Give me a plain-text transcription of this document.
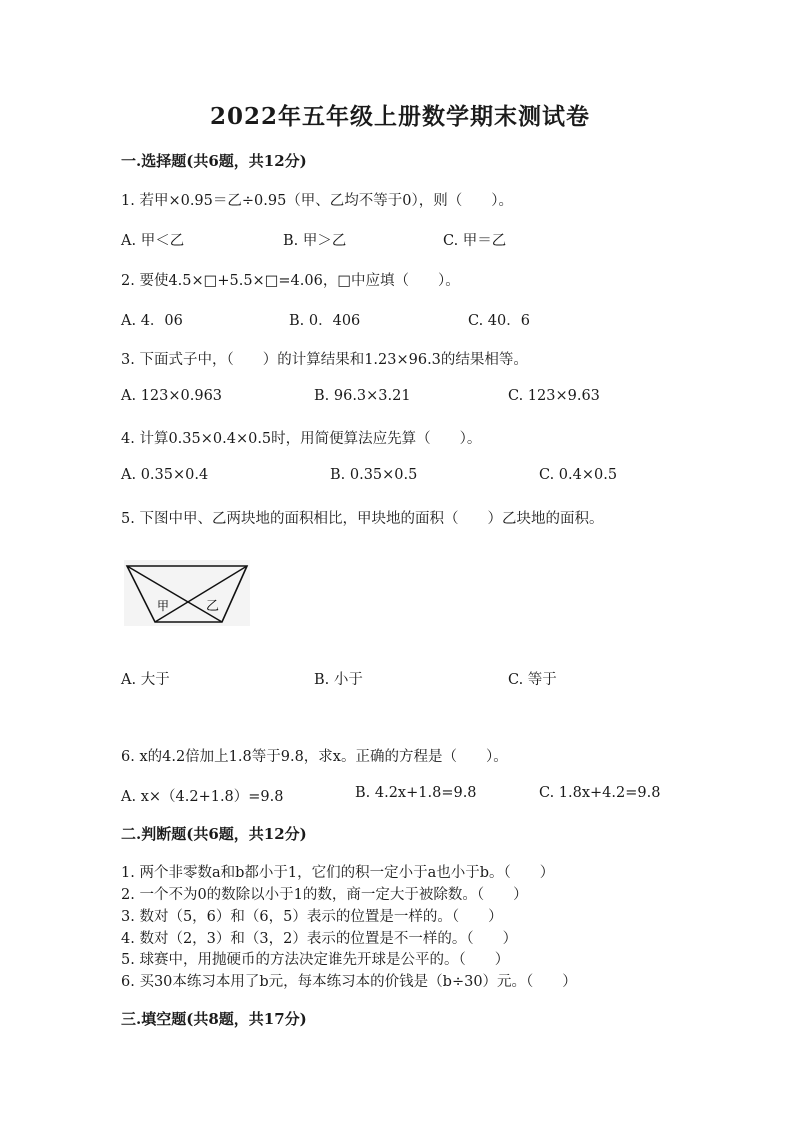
2022年五年级上册数学期末测试卷
一.选择题(共6题，共12分)
1. 若甲×0.95＝乙÷0.95（甲、乙均不等于0），则（　　）。
A. 甲＜乙	B. 甲＞乙	C. 甲＝乙
2. 要使4.5×□+5.5×□=4.06，□中应填（　　）。
A. 4．06	B. 0．406	C. 40．6
3. 下面式子中，（　　）的计算结果和1.23×96.3的结果相等。
A. 123×0.963	B. 96.3×3.21	C. 123×9.63
4. 计算0.35×0.4×0.5时，用简便算法应先算（　　）。
A. 0.35×0.4	B. 0.35×0.5	C. 0.4×0.5
5. 下图中甲、乙两块地的面积相比，甲块地的面积（　　）乙块地的面积。
甲	乙
A. 大于	B. 小于	C. 等于
6. x的4.2倍加上1.8等于9.8，求x。正确的方程是（　　）。
A. x×（4.2+1.8）=9.8	B. 4.2x+1.8=9.8	C. 1.8x+4.2=9.8
二.判断题(共6题，共12分)
1. 两个非零数a和b都小于1，它们的积一定小于a也小于b。（　　）
2. 一个不为0的数除以小于1的数，商一定大于被除数。（　　）
3. 数对（5，6）和（6，5）表示的位置是一样的。（　　）
4. 数对（2，3）和（3，2）表示的位置是不一样的。（　　）
5. 球赛中，用抛硬币的方法决定谁先开球是公平的。（　　）
6. 买30本练习本用了b元，每本练习本的价钱是（b÷30）元。（　　）
三.填空题(共8题，共17分)
